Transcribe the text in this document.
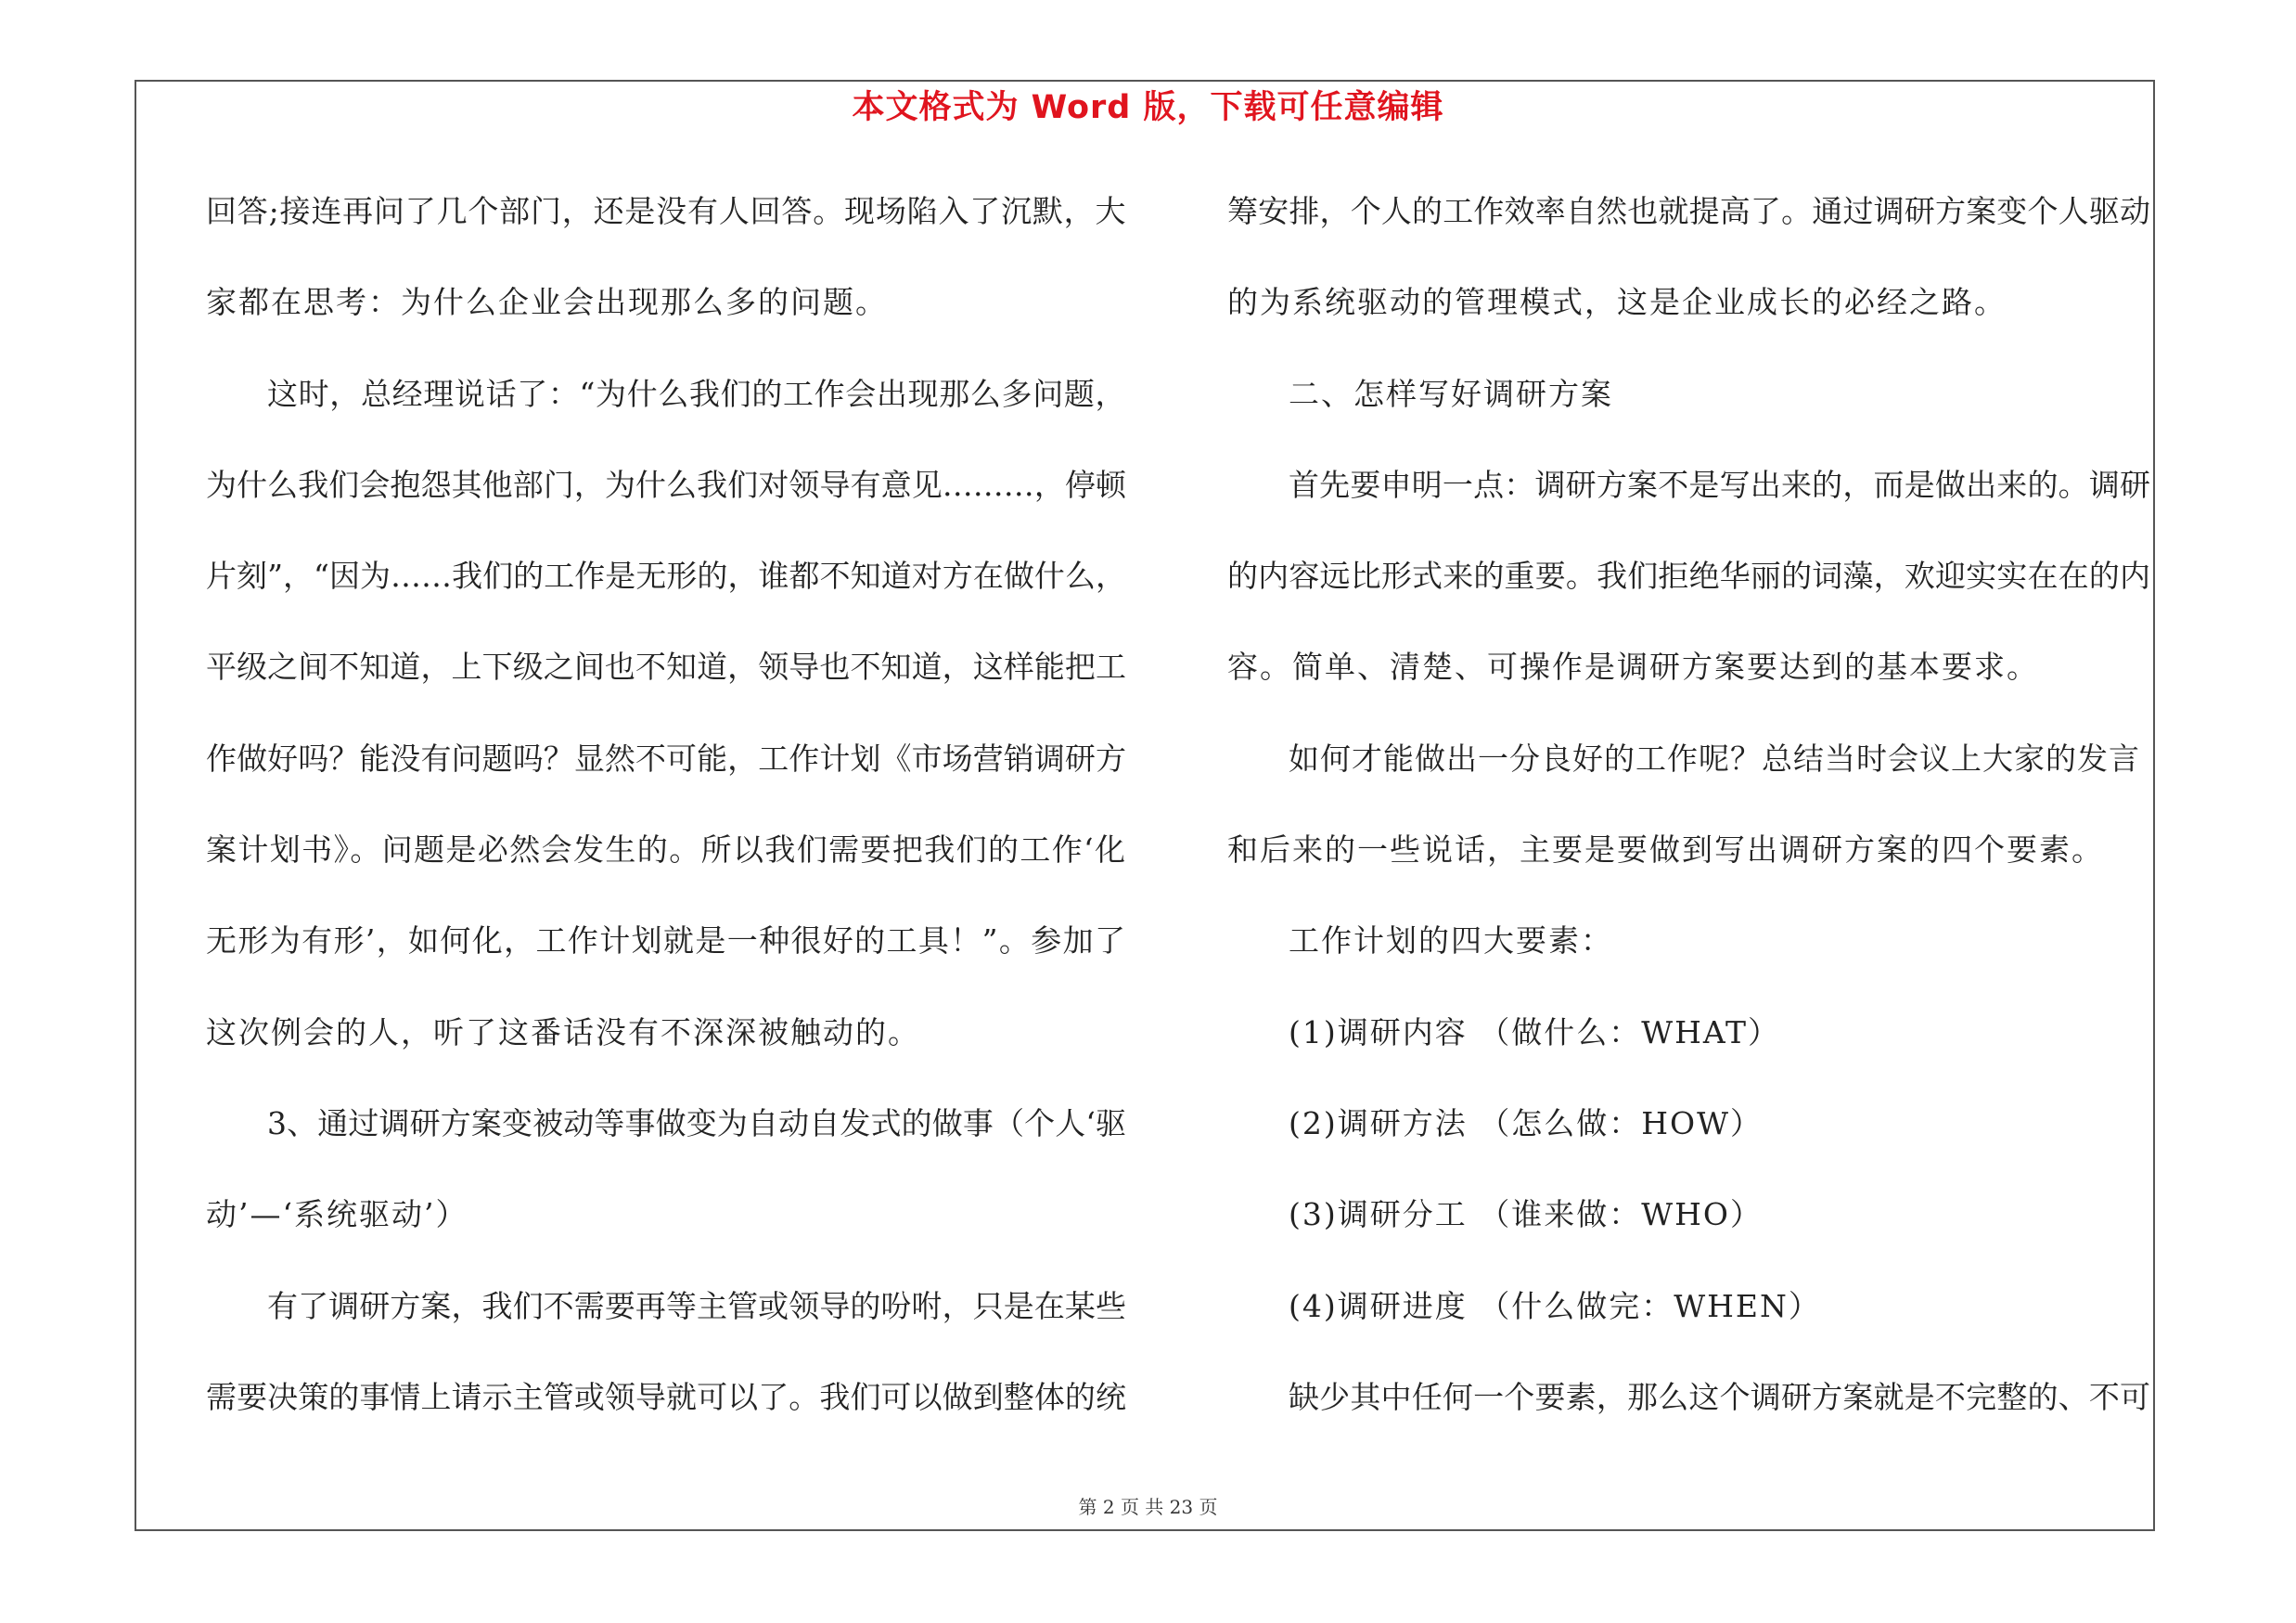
本文格式为 Word 版，下载可任意编辑
回答;接连再问了几个部门，还是没有人回答。现场陷入了沉默，大
家都在思考：为什么企业会出现那么多的问题。
这时，总经理说话了：“为什么我们的工作会出现那么多问题，
为什么我们会抱怨其他部门，为什么我们对领导有意见………，停顿
片刻”，“因为……我们的工作是无形的，谁都不知道对方在做什么，
平级之间不知道，上下级之间也不知道，领导也不知道，这样能把工
作做好吗？能没有问题吗？显然不可能，工作计划《市场营销调研方
案计划书》。问题是必然会发生的。所以我们需要把我们的工作‘化
无形为有形’，如何化，工作计划就是一种很好的工具！”。参加了
这次例会的人，听了这番话没有不深深被触动的。
3、通过调研方案变被动等事做变为自动自发式的做事（个人‘驱
动’—‘系统驱动’）
有了调研方案，我们不需要再等主管或领导的吩咐，只是在某些
需要决策的事情上请示主管或领导就可以了。我们可以做到整体的统
筹安排，个人的工作效率自然也就提高了。通过调研方案变个人驱动
的为系统驱动的管理模式，这是企业成长的必经之路。
二、怎样写好调研方案
首先要申明一点：调研方案不是写出来的，而是做出来的。调研
的内容远比形式来的重要。我们拒绝华丽的词藻，欢迎实实在在的内
容。简单、清楚、可操作是调研方案要达到的基本要求。
如何才能做出一分良好的工作呢？总结当时会议上大家的发言
和后来的一些说话，主要是要做到写出调研方案的四个要素。
工作计划的四大要素：
(1)调研内容 （做什么：WHAT）
(2)调研方法 （怎么做：HOW）
(3)调研分工 （谁来做：WHO）
(4)调研进度 （什么做完：WHEN）
缺少其中任何一个要素，那么这个调研方案就是不完整的、不可
第 2 页 共 23 页
